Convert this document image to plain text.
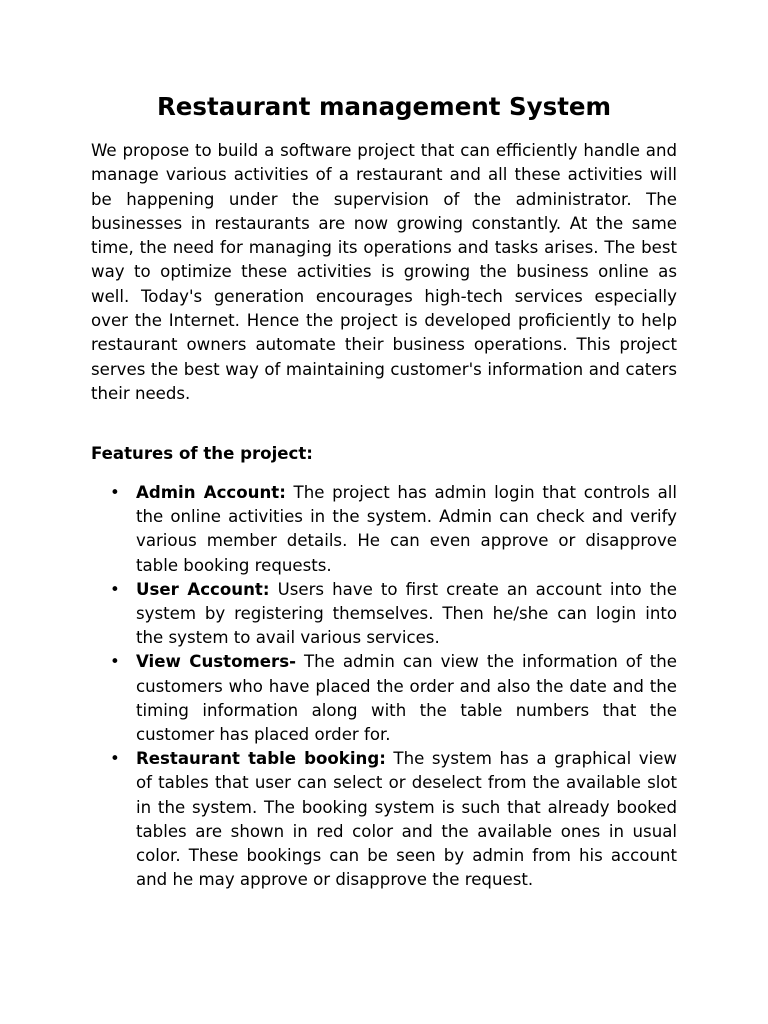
Restaurant management System

We propose to build a software project that can efficiently handle and manage various activities of a restaurant and all these activities will be happening under the supervision of the administrator. The businesses in restaurants are now growing constantly. At the same time, the need for managing its operations and tasks arises. The best way to optimize these activities is growing the business online as well. Today's generation encourages high-tech services especially over the Internet. Hence the project is developed proficiently to help restaurant owners automate their business operations. This project serves the best way of maintaining customer's information and caters their needs.

Features of the project:

• Admin Account: The project has admin login that controls all the online activities in the system. Admin can check and verify various member details. He can even approve or disapprove table booking requests.
• User Account: Users have to first create an account into the system by registering themselves. Then he/she can login into the system to avail various services.
• View Customers- The admin can view the information of the customers who have placed the order and also the date and the timing information along with the table numbers that the customer has placed order for.
• Restaurant table booking: The system has a graphical view of tables that user can select or deselect from the available slot in the system. The booking system is such that already booked tables are shown in red color and the available ones in usual color. These bookings can be seen by admin from his account and he may approve or disapprove the request.
